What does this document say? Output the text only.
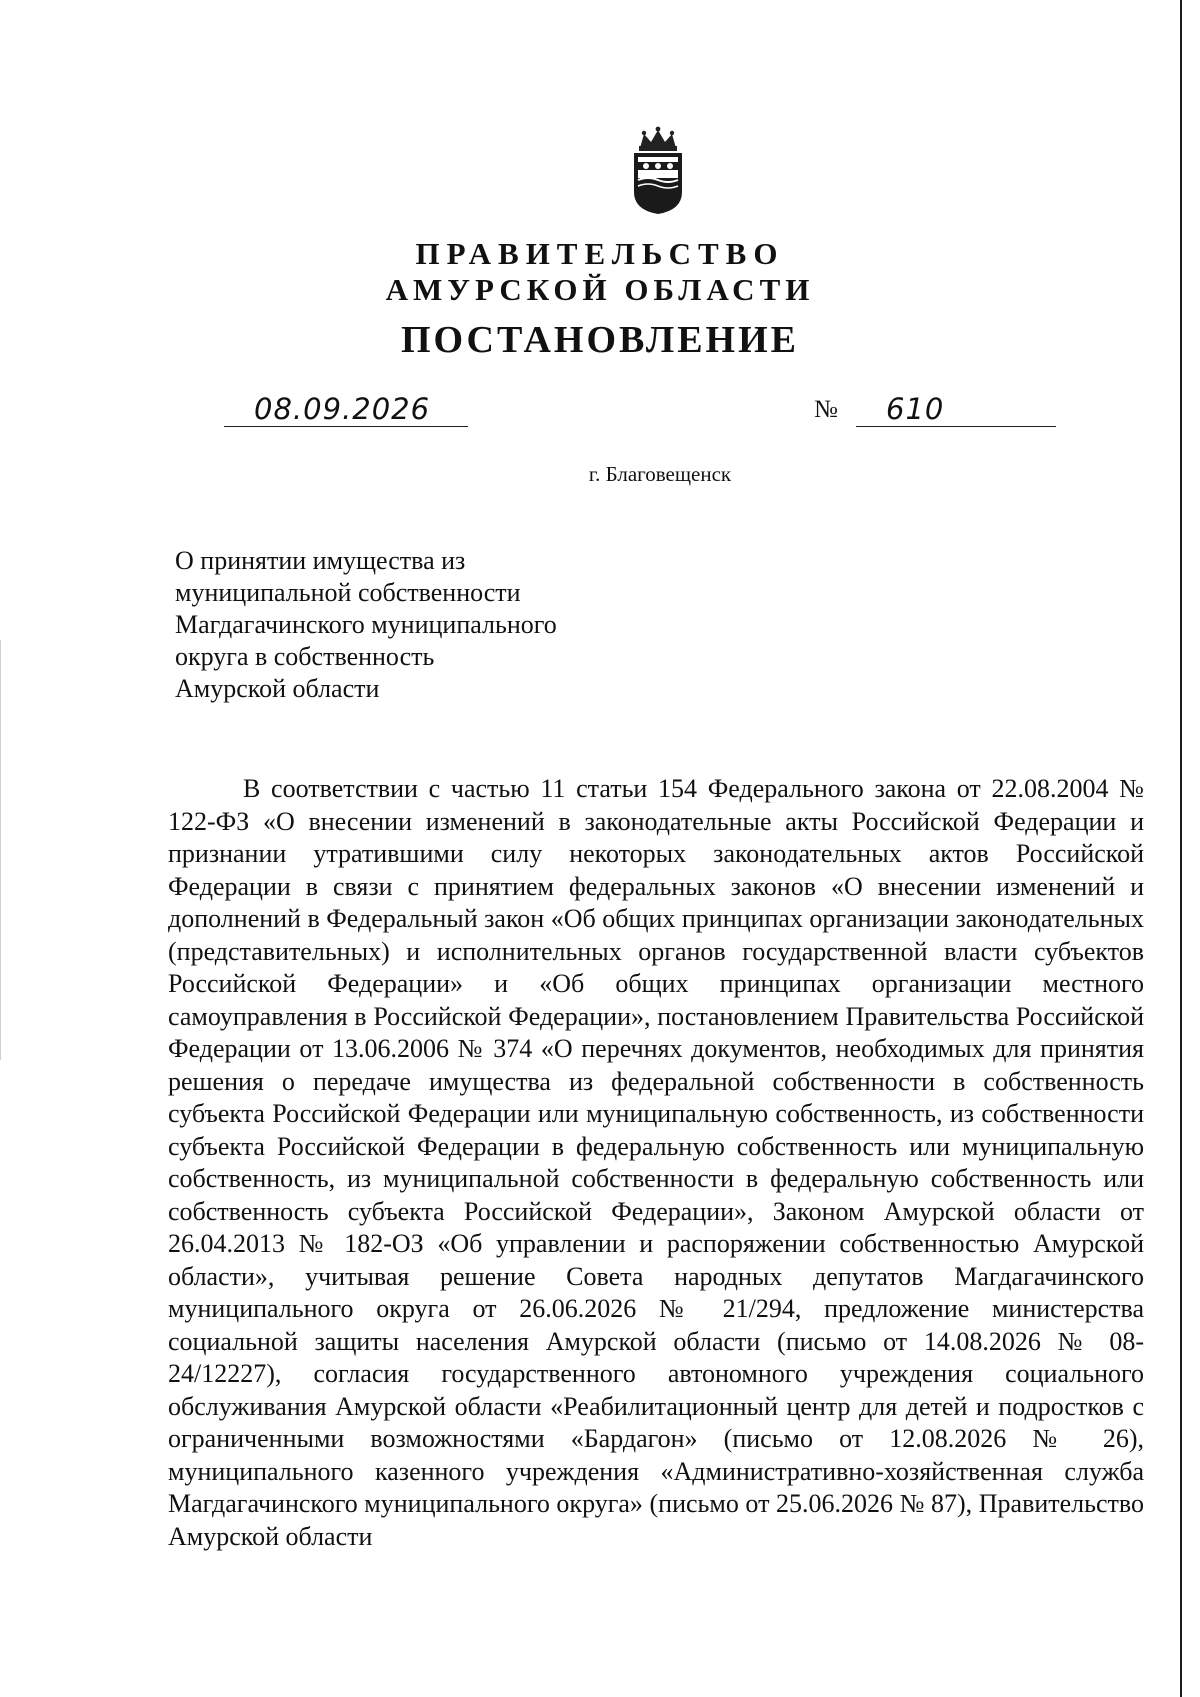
ПРАВИТЕЛЬСТВО

АМУРСКОЙ ОБЛАСТИ

ПОСТАНОВЛЕНИЕ

08.09.2026	№ 610

г. Благовещенск

О принятии имущества из
муниципальной собственности
Магдагачинского муниципального
округа в собственность
Амурской области

В соответствии с частью 11 статьи 154 Федерального закона от 22.08.2004 № 122-ФЗ «О внесении изменений в законодательные акты Российской Федерации и признании утратившими силу некоторых законодательных актов Российской Федерации в связи с принятием федеральных законов «О внесении изменений и дополнений в Федеральный закон «Об общих принципах организации законодательных (представительных) и исполнительных органов государственной власти субъектов Российской Федерации» и «Об общих принципах организации местного самоуправления в Российской Федерации», постановлением Правительства Российской Федерации от 13.06.2006 № 374 «О перечнях документов, необходимых для принятия решения о передаче имущества из федеральной собственности в собственность субъекта Российской Федерации или муниципальную собственность, из собственности субъекта Российской Федерации в федеральную собственность или муниципальную собственность, из муниципальной собственности в федеральную собственность или собственность субъекта Российской Федерации», Законом Амурской области от 26.04.2013 № 182-ОЗ «Об управлении и распоряжении собственностью Амурской области», учитывая решение Совета народных депутатов Магдагачинского муниципального округа от 26.06.2026 № 21/294, предложение министерства социальной защиты населения Амурской области (письмо от 14.08.2026 № 08-24/12227), согласия государственного автономного учреждения социального обслуживания Амурской области «Реабилитационный центр для детей и подростков с ограниченными возможностями «Бардагон» (письмо от 12.08.2026 № 26), муниципального казенного учреждения «Административно-хозяйственная служба Магдагачинского муниципального округа» (письмо от 25.06.2026 № 87), Правительство Амурской области
